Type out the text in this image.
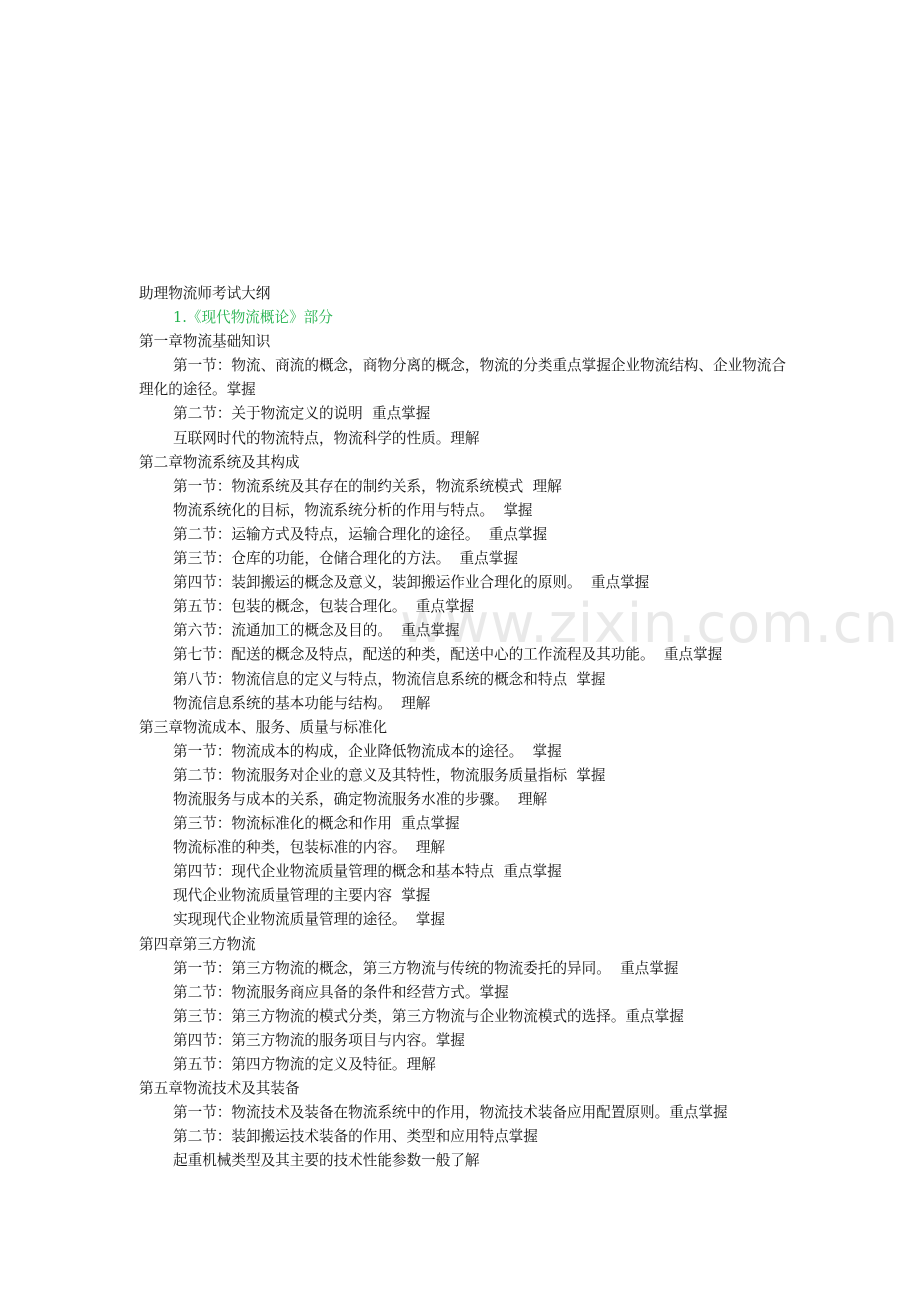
www.zixin.com.cn

助理物流师考试大纲

1.《现代物流概论》部分

第一章物流基础知识

第一节：物流、商流的概念，商物分离的概念，物流的分类重点掌握企业物流结构、企业物流合理化的途径。掌握

第二节：关于物流定义的说明  重点掌握

互联网时代的物流特点，物流科学的性质。理解

第二章物流系统及其构成

第一节：物流系统及其存在的制约关系，物流系统模式  理解

物流系统化的目标，物流系统分析的作用与特点。  掌握

第二节：运输方式及特点，运输合理化的途径。  重点掌握

第三节：仓库的功能，仓储合理化的方法。  重点掌握

第四节：装卸搬运的概念及意义，装卸搬运作业合理化的原则。  重点掌握

第五节：包装的概念，包装合理化。  重点掌握

第六节：流通加工的概念及目的。  重点掌握

第七节：配送的概念及特点，配送的种类，配送中心的工作流程及其功能。  重点掌握

第八节：物流信息的定义与特点，物流信息系统的概念和特点  掌握

物流信息系统的基本功能与结构。  理解

第三章物流成本、服务、质量与标准化

第一节：物流成本的构成，企业降低物流成本的途径。  掌握

第二节：物流服务对企业的意义及其特性，物流服务质量指标  掌握

物流服务与成本的关系，确定物流服务水准的步骤。  理解

第三节：物流标准化的概念和作用  重点掌握

物流标准的种类，包装标准的内容。  理解

第四节：现代企业物流质量管理的概念和基本特点  重点掌握

现代企业物流质量管理的主要内容  掌握

实现现代企业物流质量管理的途径。  掌握

第四章第三方物流

第一节：第三方物流的概念，第三方物流与传统的物流委托的异同。  重点掌握

第二节：物流服务商应具备的条件和经营方式。掌握

第三节：第三方物流的模式分类，第三方物流与企业物流模式的选择。重点掌握

第四节：第三方物流的服务项目与内容。掌握

第五节：第四方物流的定义及特征。理解

第五章物流技术及其装备

第一节：物流技术及装备在物流系统中的作用，物流技术装备应用配置原则。重点掌握

第二节：装卸搬运技术装备的作用、类型和应用特点掌握

起重机械类型及其主要的技术性能参数一般了解
